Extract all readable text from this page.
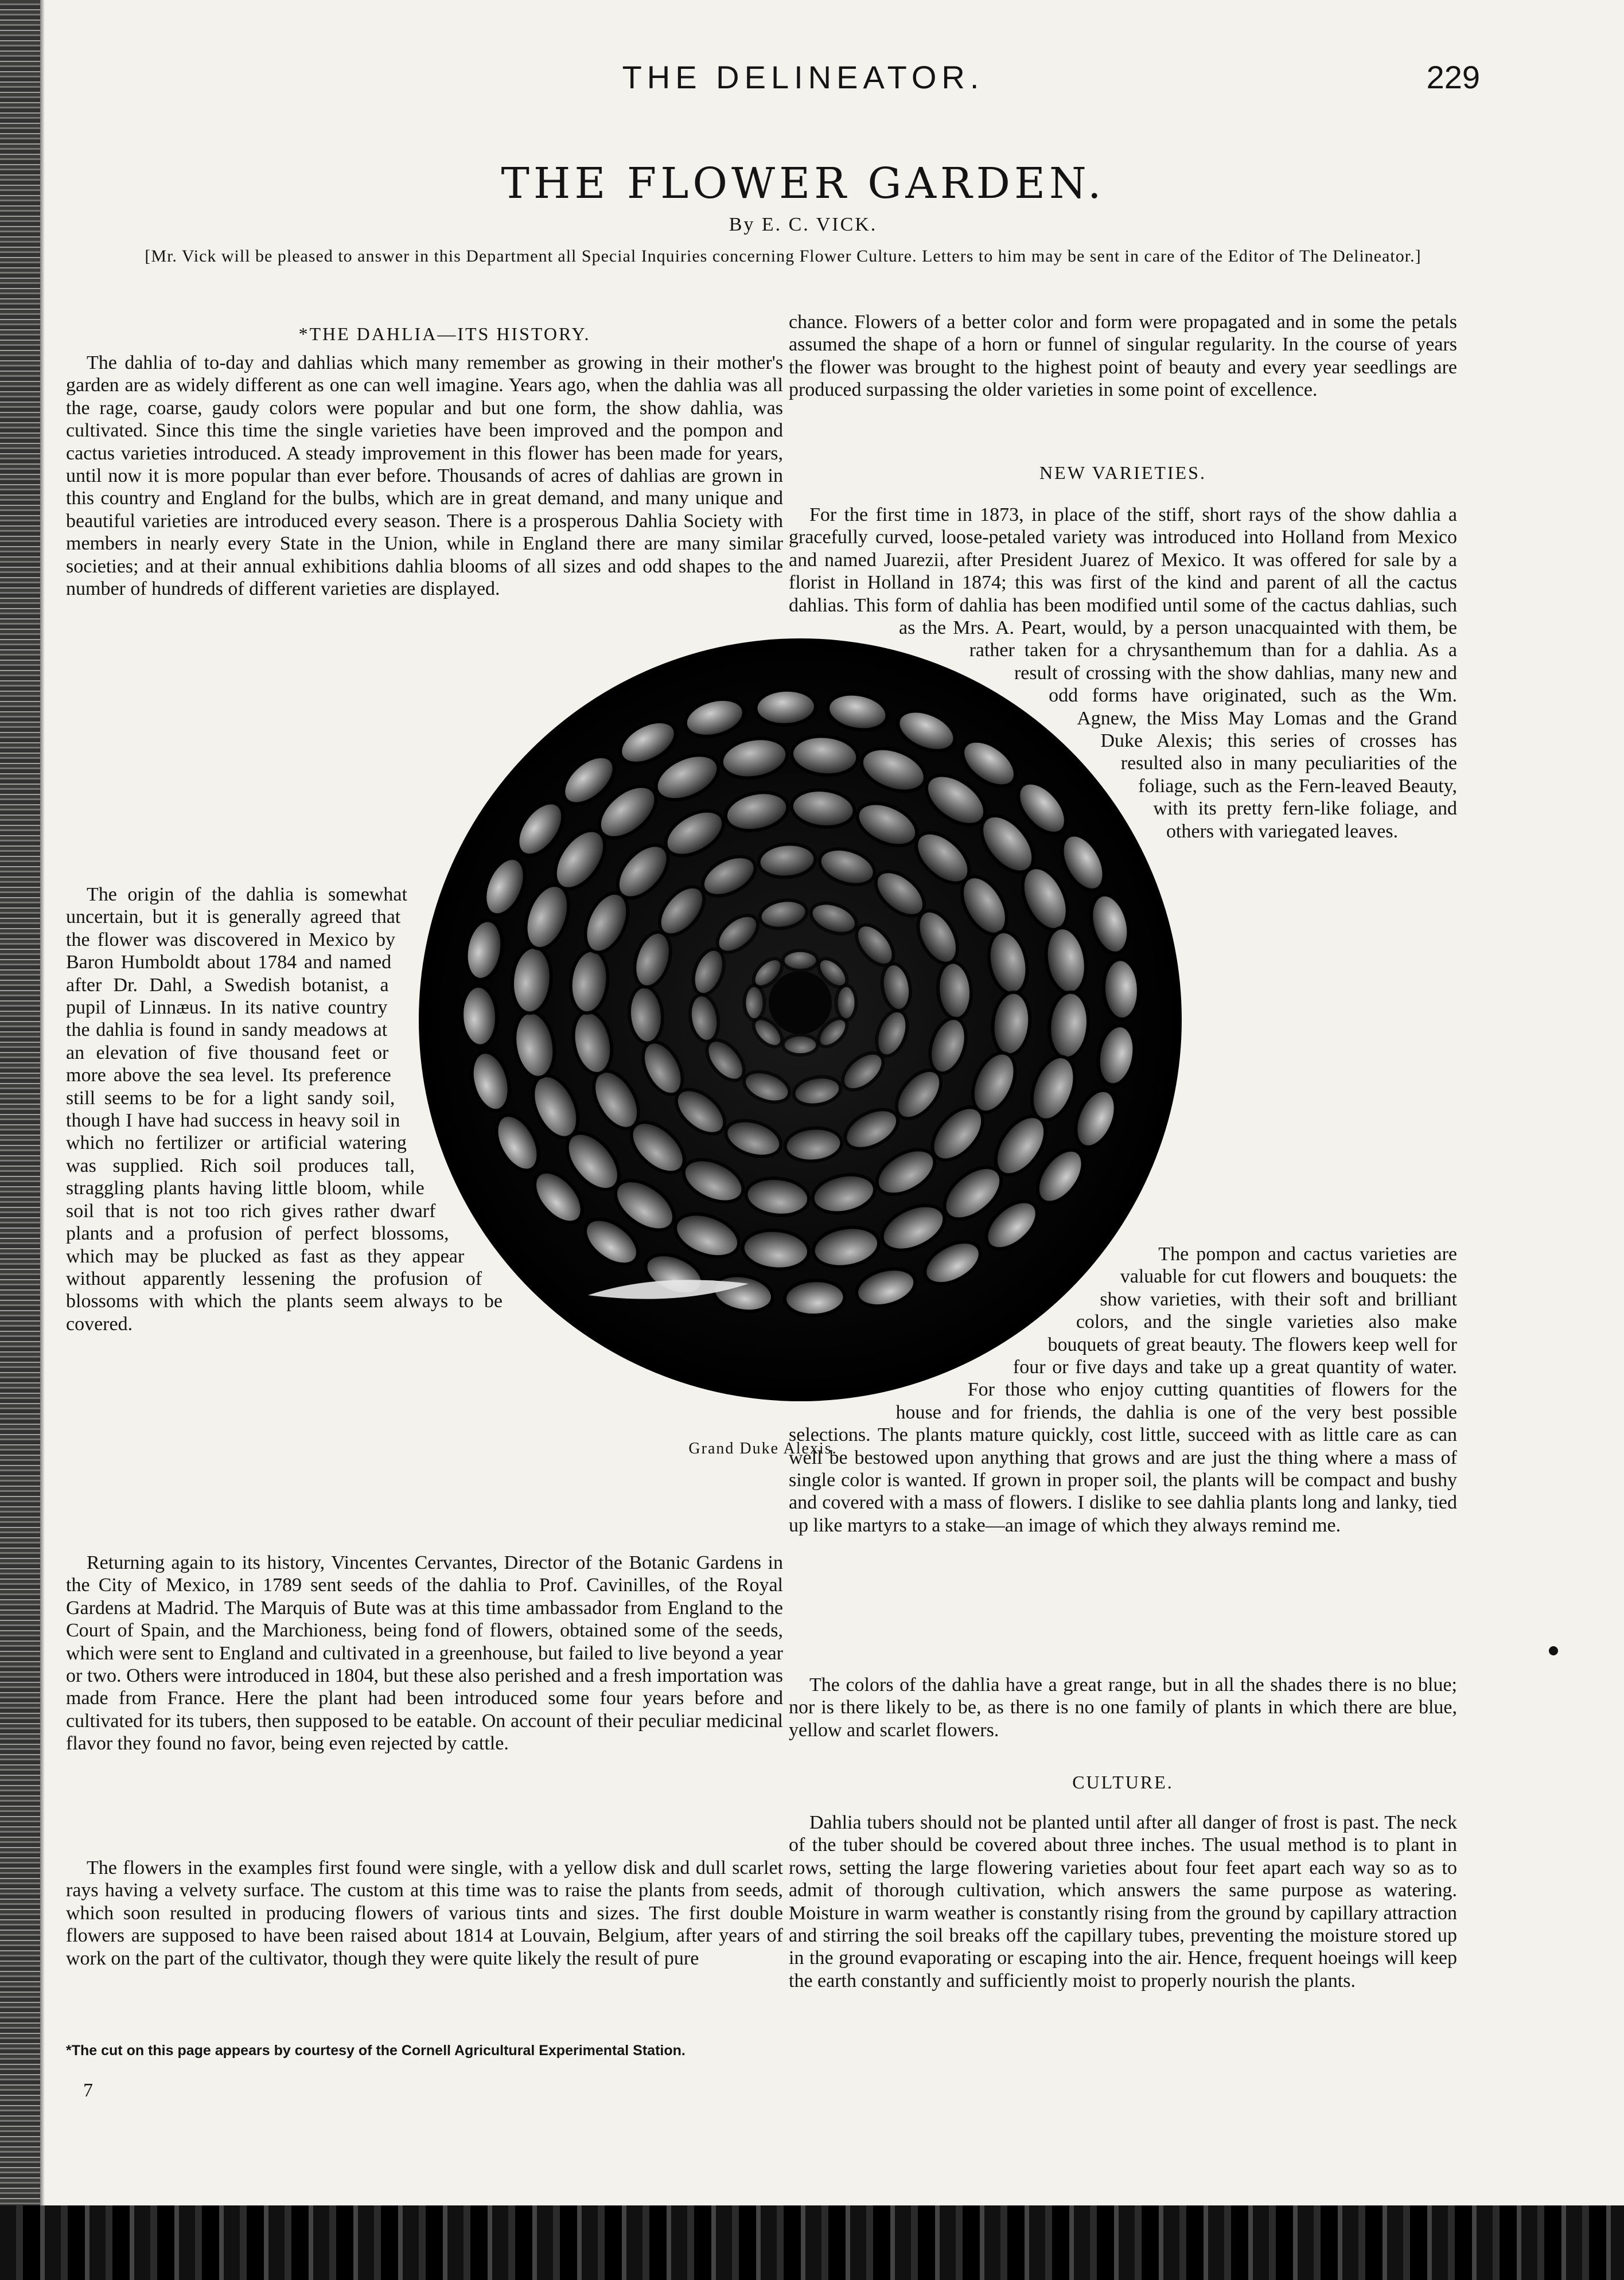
THE DELINEATOR.	229
THE FLOWER GARDEN.
By E. C. VICK.
[Mr. Vick will be pleased to answer in this Department all Special Inquiries concerning Flower Culture. Letters to him may be sent in care of the Editor of The Delineator.]
*THE DAHLIA—ITS HISTORY.
The dahlia of to-day and dahlias which many remember as growing in their mother's
garden are as widely different as one can well imagine. Years ago, when the dahlia was all
the rage, coarse, gaudy colors were popular and but one form, the show dahlia, was
cultivated. Since this time the single varieties have been improved and the pompon and
cactus varieties introduced. A steady improvement in this flower has been made for years,
until now it is more popular than ever before. Thousands of acres of dahlias are grown in
this country and England for the bulbs, which are in great demand, and many unique and
beautiful varieties are introduced every season. There is a prosperous Dahlia Society with
members in nearly every State in the Union, while in England there are many similar
societies; and at their annual exhibitions dahlia blooms of all sizes and odd shapes to the
number of hundreds of different varieties are displayed.
The origin of the dahlia is somewhat
uncertain, but it is generally agreed that
the flower was discovered in Mexico by
Baron Humboldt about 1784 and named
after Dr. Dahl, a Swedish botanist, a
pupil of Linnæus. In its native country
the dahlia is found in sandy meadows at
an elevation of five thousand feet or
more above the sea level. Its preference
still seems to be for a light sandy soil,
though I have had success in heavy soil in
which no fertilizer or artificial watering
was supplied. Rich soil produces tall,
straggling plants having little bloom, while
soil that is not too rich gives rather dwarf
plants and a profusion of perfect blossoms,
which may be plucked as fast as they appear
without apparently lessening the profusion of
blossoms with which the plants seem always to be
covered.
Returning again to its history, Vincentes Cervantes, Director of the Botanic Gardens in
the City of Mexico, in 1789 sent seeds of the dahlia to Prof. Cavinilles, of the Royal
Gardens at Madrid. The Marquis of Bute was at this time ambassador from England to the
Court of Spain, and the Marchioness, being fond of flowers, obtained some of the seeds,
which were sent to England and cultivated in a greenhouse, but failed to live beyond a year
or two. Others were introduced in 1804, but these also perished and a fresh importation was
made from France. Here the plant had been introduced some four years before and
cultivated for its tubers, then supposed to be eatable. On account of their peculiar medicinal
flavor they found no favor, being even rejected by cattle.
The flowers in the examples first found were single, with a yellow disk and dull scarlet
rays having a velvety surface. The custom at this time was to raise the plants from seeds,
which soon resulted in producing flowers of various tints and sizes. The first double
flowers are supposed to have been raised about 1814 at Louvain, Belgium, after years of
work on the part of the cultivator, though they were quite likely the result of pure
*The cut on this page appears by courtesy of the Cornell Agricultural Experimental Station.
7
chance. Flowers of a better color and form were propagated and in some the petals
assumed the shape of a horn or funnel of singular regularity. In the course of years
the flower was brought to the highest point of beauty and every year seedlings are
produced surpassing the older varieties in some point of excellence.
NEW VARIETIES.
For the first time in 1873, in place of the stiff, short rays of the show dahlia a
gracefully curved, loose-petaled variety was introduced into Holland from Mexico
and named Juarezii, after President Juarez of Mexico. It was offered for sale by a
florist in Holland in 1874; this was first of the kind and parent of all the cactus
dahlias. This form of dahlia has been modified until some of the cactus dahlias, such
as the Mrs. A. Peart, would, by a person unacquainted with them, be
rather taken for a chrysanthemum than for a dahlia. As a
result of crossing with the show dahlias, many new and
odd forms have originated, such as the Wm.
Agnew, the Miss May Lomas and the Grand
Duke Alexis; this series of crosses has
resulted also in many peculiarities of the
foliage, such as the Fern-leaved Beauty,
with its pretty fern-like foliage, and
others with variegated leaves.
The pompon and cactus varieties are
valuable for cut flowers and bouquets: the
show varieties, with their soft and brilliant
colors, and the single varieties also make
bouquets of great beauty. The flowers keep well for
four or five days and take up a great quantity of water.
For those who enjoy cutting quantities of flowers for the
house and for friends, the dahlia is one of the very best possible
selections. The plants mature quickly, cost little, succeed with as little care as can
well be bestowed upon anything that grows and are just the thing where a mass of
single color is wanted. If grown in proper soil, the plants will be compact and bushy
and covered with a mass of flowers. I dislike to see dahlia plants long and lanky, tied
up like martyrs to a stake—an image of which they always remind me.
The colors of the dahlia have a great range, but in all the shades there is no blue;
nor is there likely to be, as there is no one family of plants in which there are blue,
yellow and scarlet flowers.
CULTURE.
Dahlia tubers should not be planted until after all danger of frost is past. The neck
of the tuber should be covered about three inches. The usual method is to plant in
rows, setting the large flowering varieties about four feet apart each way so as to
admit of thorough cultivation, which answers the same purpose as watering.
Moisture in warm weather is constantly rising from the ground by capillary attraction
and stirring the soil breaks off the capillary tubes, preventing the moisture stored up
in the ground evaporating or escaping into the air. Hence, frequent hoeings will keep
the earth constantly and sufficiently moist to properly nourish the plants.
Grand Duke Alexis.
